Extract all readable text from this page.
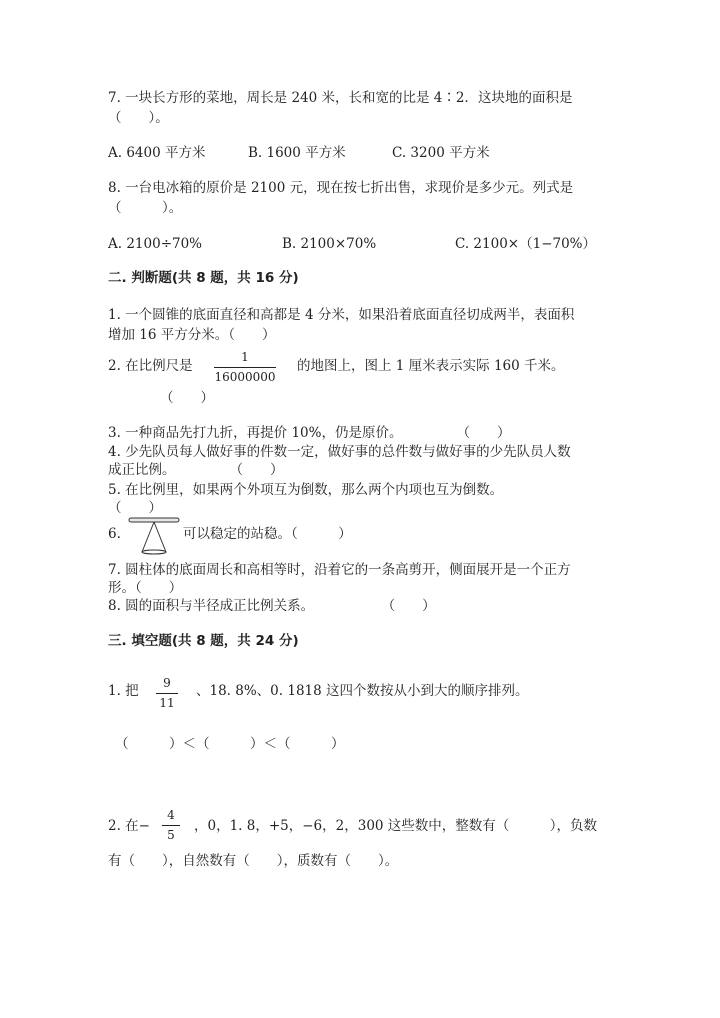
7. 一块长方形的菜地，周长是 240 米，长和宽的比是 4∶2．这块地的面积是
（　　）。
A. 6400 平方米	B. 1600 平方米	C. 3200 平方米
8. 一台电冰箱的原价是 2100 元，现在按七折出售，求现价是多少元。列式是
（　　　）。
A. 2100÷70%	B. 2100×70%	C. 2100×（1−70%）
二. 判断题(共 8 题，共 16 分)
1. 一个圆锥的底面直径和高都是 4 分米，如果沿着底面直径切成两半，表面积
增加 16 平方分米。（　　）
2. 在比例尺是
1
16000000
的地图上，图上 1 厘米表示实际 160 千米。
（　　）
3. 一种商品先打九折，再提价 10%，仍是原价。　　　　　（　　）
4. 少先队员每人做好事的件数一定，做好事的总件数与做好事的少先队员人数
成正比例。　　　　　（　　）
5. 在比例里，如果两个外项互为倒数，那么两个内项也互为倒数。
（　　）
6.	可以稳定的站稳。（　　　）
7. 圆柱体的底面周长和高相等时，沿着它的一条高剪开，侧面展开是一个正方
形。（　　）
8. 圆的面积与半径成正比例关系。　　　　　　（　　）
三. 填空题(共 8 题，共 24 分)
1. 把	9
11
、18. 8%、0. 1818 这四个数按从小到大的顺序排列。
（　　　）＜（　　　）＜（　　　）
2. 在−
4
5
，0，1. 8，+5，−6，2，300 这些数中，整数有（　　　），负数
有（　　），自然数有（　　），质数有（　　）。
